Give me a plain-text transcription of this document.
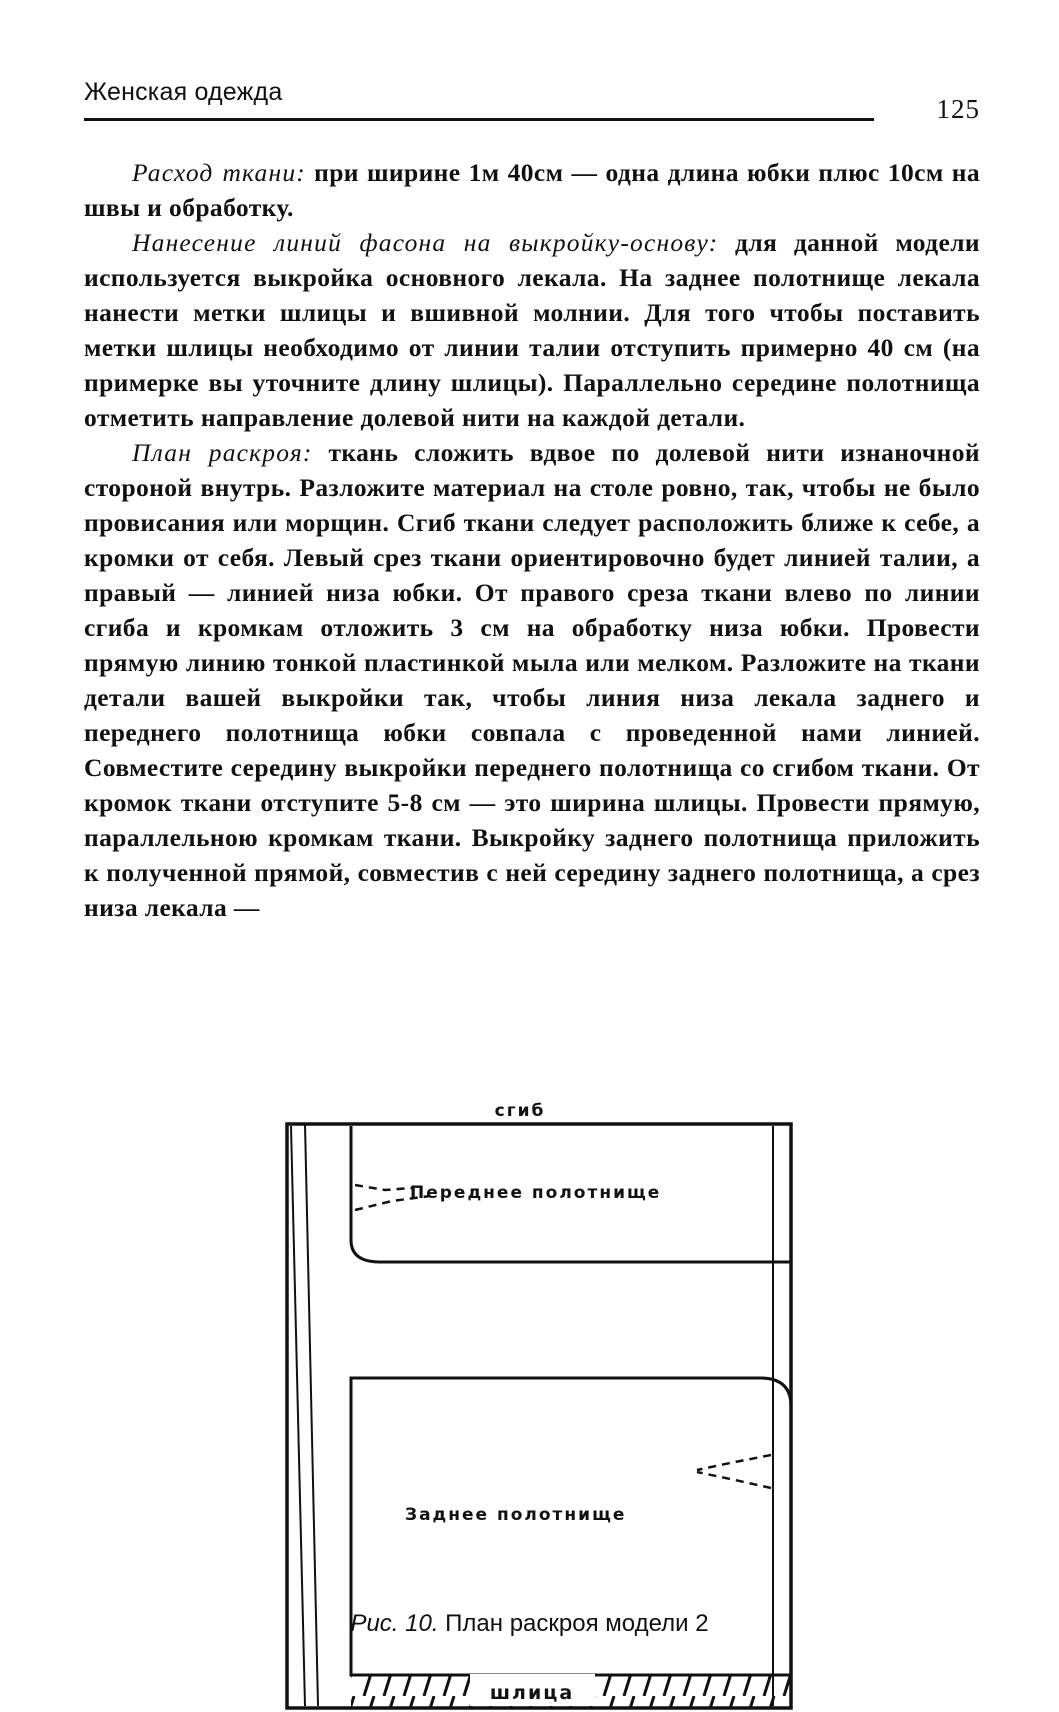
Женская одежда
125

Расход ткани: при ширине 1м 40см — одна длина юбки плюс 10см на швы и обработку.

Нанесение линий фасона на выкройку-основу: для данной модели используется выкройка основного лекала. На заднее полотнище лекала нанести метки шлицы и вшивной молнии. Для того чтобы поставить метки шлицы необходимо от линии талии отступить примерно 40 см (на примерке вы уточните длину шлицы). Параллельно середине полотнища отметить направление долевой нити на каждой детали.

План раскроя: ткань сложить вдвое по долевой нити изнаночной стороной внутрь. Разложите материал на столе ровно, так, чтобы не было провисания или морщин. Сгиб ткани следует расположить ближе к себе, а кромки от себя. Левый срез ткани ориентировочно будет линией талии, а правый — линией низа юбки. От правого среза ткани влево по линии сгиба и кромкам отложить 3 см на обработку низа юбки. Провести прямую линию тонкой пластинкой мыла или мелком. Разложите на ткани детали вашей выкройки так, чтобы линия низа лекала заднего и переднего полотнища юбки совпала с проведенной нами линией. Совместите середину выкройки переднего полотнища со сгибом ткани. От кромок ткани отступите 5-8 см — это ширина шлицы. Провести прямую, параллельною кромкам ткани. Выкройку заднего полотнища приложить к полученной прямой, совместив с ней середину заднего полотнища, а срез низа лекала —

сгиб
Переднее полотнище
Заднее полотнище
шлица
Рис. 10. План раскроя модели 2
